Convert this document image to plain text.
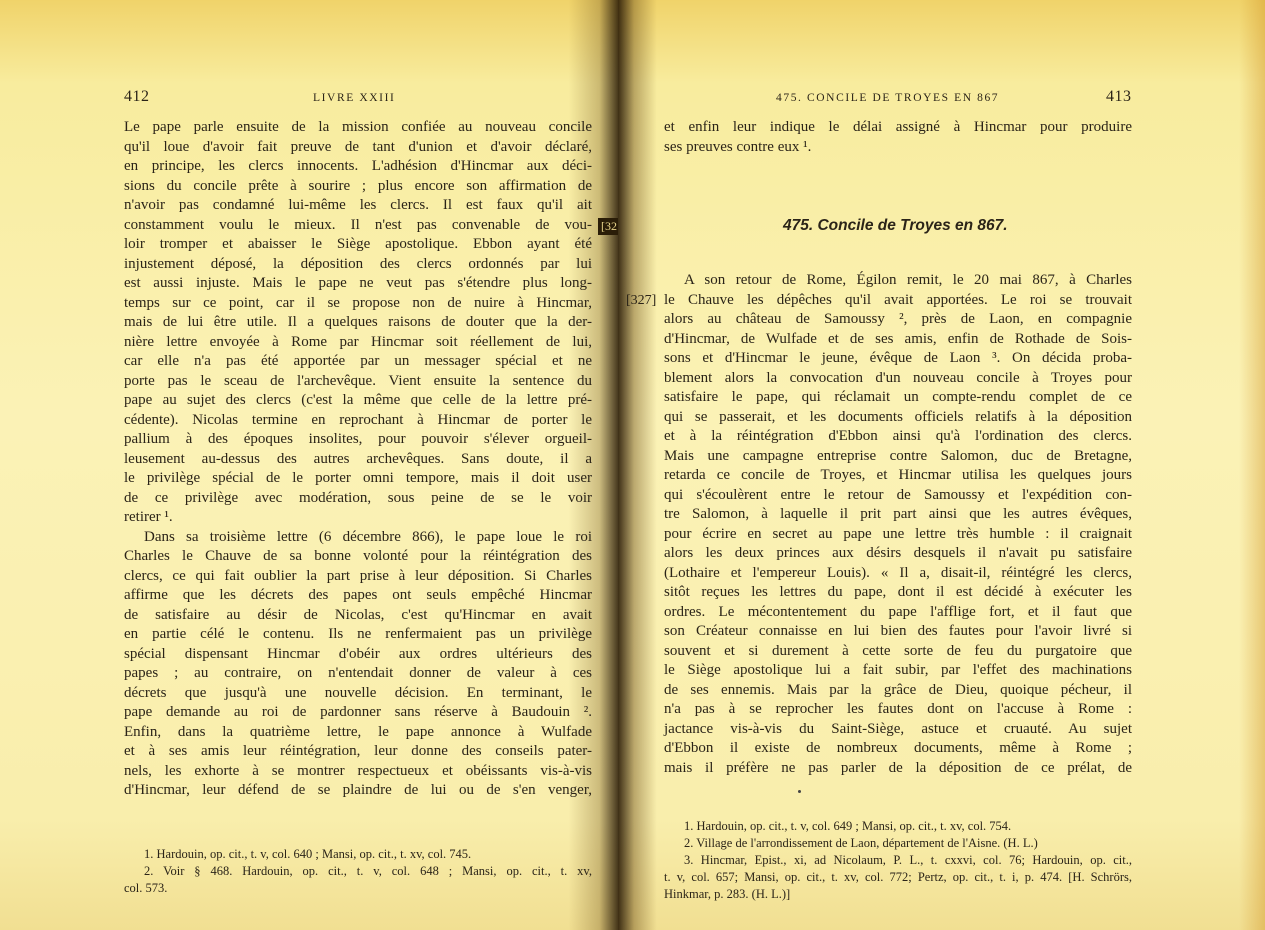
412	LIVRE XXIII
Le pape parle ensuite de la mission confiée au nouveau concile
qu'il loue d'avoir fait preuve de tant d'union et d'avoir déclaré,
en principe, les clercs innocents. L'adhésion d'Hincmar aux déci-
sions du concile prête à sourire ; plus encore son affirmation de
n'avoir pas condamné lui-même les clercs. Il est faux qu'il ait
constamment voulu le mieux. Il n'est pas convenable de vou-
loir tromper et abaisser le Siège apostolique. Ebbon ayant été
injustement déposé, la déposition des clercs ordonnés par lui
est aussi injuste. Mais le pape ne veut pas s'étendre plus long-
temps sur ce point, car il se propose non de nuire à Hincmar,
mais de lui être utile. Il a quelques raisons de douter que la der-
nière lettre envoyée à Rome par Hincmar soit réellement de lui,
car elle n'a pas été apportée par un messager spécial et ne
porte pas le sceau de l'archevêque. Vient ensuite la sentence du
pape au sujet des clercs (c'est la même que celle de la lettre pré-
cédente). Nicolas termine en reprochant à Hincmar de porter le
pallium à des époques insolites, pour pouvoir s'élever orgueil-
leusement au-dessus des autres archevêques. Sans doute, il a
le privilège spécial de le porter omni tempore, mais il doit user
de ce privilège avec modération, sous peine de se le voir
retirer ¹.
Dans sa troisième lettre (6 décembre 866), le pape loue le roi
Charles le Chauve de sa bonne volonté pour la réintégration des
clercs, ce qui fait oublier la part prise à leur déposition. Si Charles
affirme que les décrets des papes ont seuls empêché Hincmar
de satisfaire au désir de Nicolas, c'est qu'Hincmar en avait
en partie célé le contenu. Ils ne renfermaient pas un privilège
spécial dispensant Hincmar d'obéir aux ordres ultérieurs des
papes ; au contraire, on n'entendait donner de valeur à ces
décrets que jusqu'à une nouvelle décision. En terminant, le
pape demande au roi de pardonner sans réserve à Baudouin ².
Enfin, dans la quatrième lettre, le pape annonce à Wulfade
et à ses amis leur réintégration, leur donne des conseils pater-
nels, les exhorte à se montrer respectueux et obéissants vis-à-vis
d'Hincmar, leur défend de se plaindre de lui ou de s'en venger,
[32
1. Hardouin, op. cit., t. v, col. 640 ; Mansi, op. cit., t. xv, col. 745.
2. Voir § 468. Hardouin, op. cit., t. v, col. 648 ; Mansi, op. cit., t. xv,
col. 573.
475. CONCILE DE TROYES EN 867	413
et enfin leur indique le délai assigné à Hincmar pour produire
ses preuves contre eux ¹.
475. Concile de Troyes en 867.
[327]
A son retour de Rome, Égilon remit, le 20 mai 867, à Charles
le Chauve les dépêches qu'il avait apportées. Le roi se trouvait
alors au château de Samoussy ², près de Laon, en compagnie
d'Hincmar, de Wulfade et de ses amis, enfin de Rothade de Sois-
sons et d'Hincmar le jeune, évêque de Laon ³. On décida proba-
blement alors la convocation d'un nouveau concile à Troyes pour
satisfaire le pape, qui réclamait un compte-rendu complet de ce
qui se passerait, et les documents officiels relatifs à la déposition
et à la réintégration d'Ebbon ainsi qu'à l'ordination des clercs.
Mais une campagne entreprise contre Salomon, duc de Bretagne,
retarda ce concile de Troyes, et Hincmar utilisa les quelques jours
qui s'écoulèrent entre le retour de Samoussy et l'expédition con-
tre Salomon, à laquelle il prit part ainsi que les autres évêques,
pour écrire en secret au pape une lettre très humble : il craignait
alors les deux princes aux désirs desquels il n'avait pu satisfaire
(Lothaire et l'empereur Louis). « Il a, disait-il, réintégré les clercs,
sitôt reçues les lettres du pape, dont il est décidé à exécuter les
ordres. Le mécontentement du pape l'afflige fort, et il faut que
son Créateur connaisse en lui bien des fautes pour l'avoir livré si
souvent et si durement à cette sorte de feu du purgatoire que
le Siège apostolique lui a fait subir, par l'effet des machinations
de ses ennemis. Mais par la grâce de Dieu, quoique pécheur, il
n'a pas à se reprocher les fautes dont on l'accuse à Rome :
jactance vis-à-vis du Saint-Siège, astuce et cruauté. Au sujet
d'Ebbon il existe de nombreux documents, même à Rome ;
mais il préfère ne pas parler de la déposition de ce prélat, de
1. Hardouin, op. cit., t. v, col. 649 ; Mansi, op. cit., t. xv, col. 754.
2. Village de l'arrondissement de Laon, département de l'Aisne. (H. L.)
3. Hincmar, Epist., xi, ad Nicolaum, P. L., t. cxxvi, col. 76; Hardouin, op. cit.,
t. v, col. 657; Mansi, op. cit., t. xv, col. 772; Pertz, op. cit., t. i, p. 474. [H. Schrörs,
Hinkmar, p. 283. (H. L.)]
